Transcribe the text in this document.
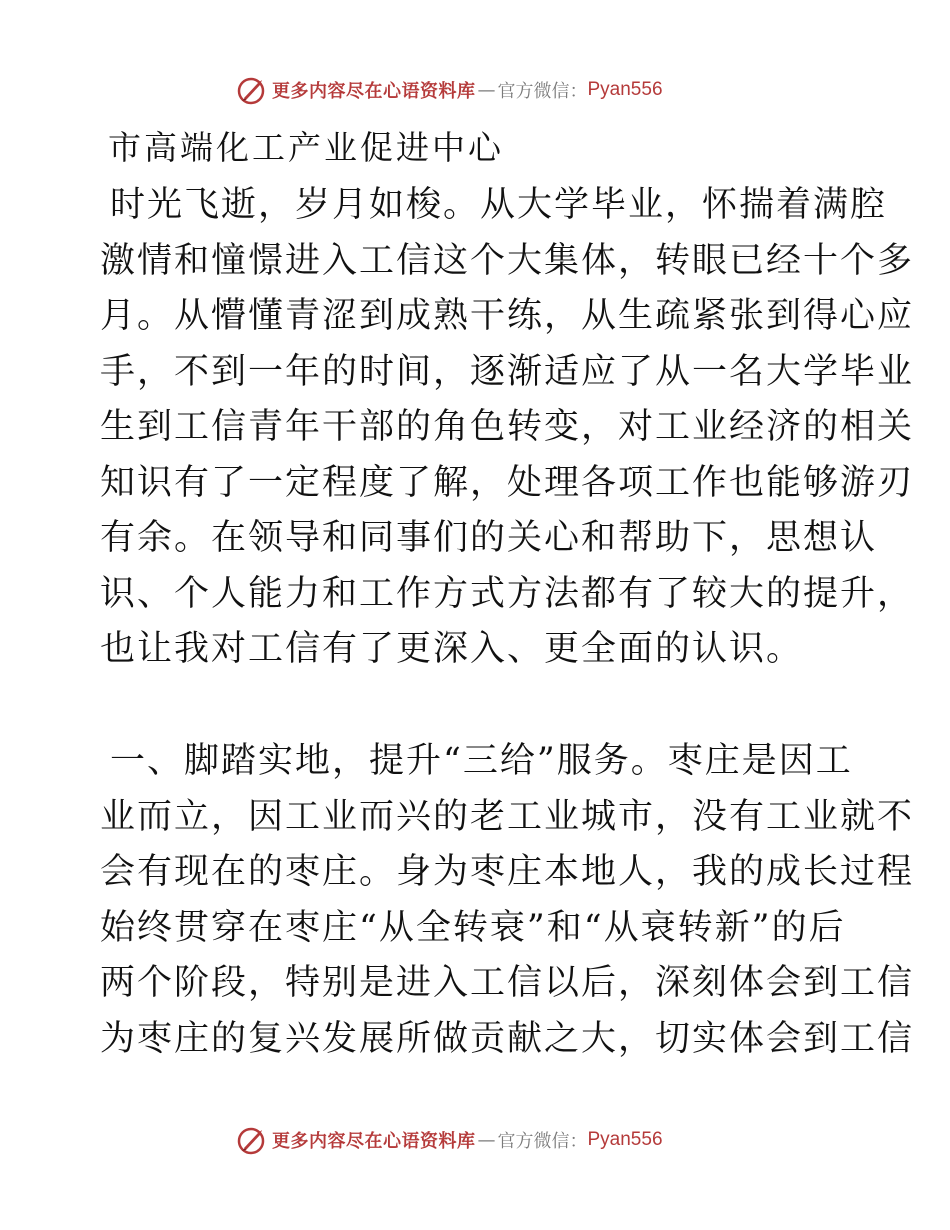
更多内容尽在心语资料库 — 官方微信： Pyan556
市高端化工产业促进中心
时光飞逝，岁月如梭。从大学毕业，怀揣着满腔
激情和憧憬进入工信这个大集体，转眼已经十个多
月。从懵懂青涩到成熟干练，从生疏紧张到得心应
手，不到一年的时间，逐渐适应了从一名大学毕业
生到工信青年干部的角色转变，对工业经济的相关
知识有了一定程度了解，处理各项工作也能够游刃
有余。在领导和同事们的关心和帮助下，思想认
识、个人能力和工作方式方法都有了较大的提升，
也让我对工信有了更深入、更全面的认识。
一、脚踏实地，提升“三给”服务。枣庄是因工
业而立，因工业而兴的老工业城市，没有工业就不
会有现在的枣庄。身为枣庄本地人，我的成长过程
始终贯穿在枣庄“从全转衰”和“从衰转新”的后
两个阶段，特别是进入工信以后，深刻体会到工信
为枣庄的复兴发展所做贡献之大，切实体会到工信
更多内容尽在心语资料库 — 官方微信： Pyan556
